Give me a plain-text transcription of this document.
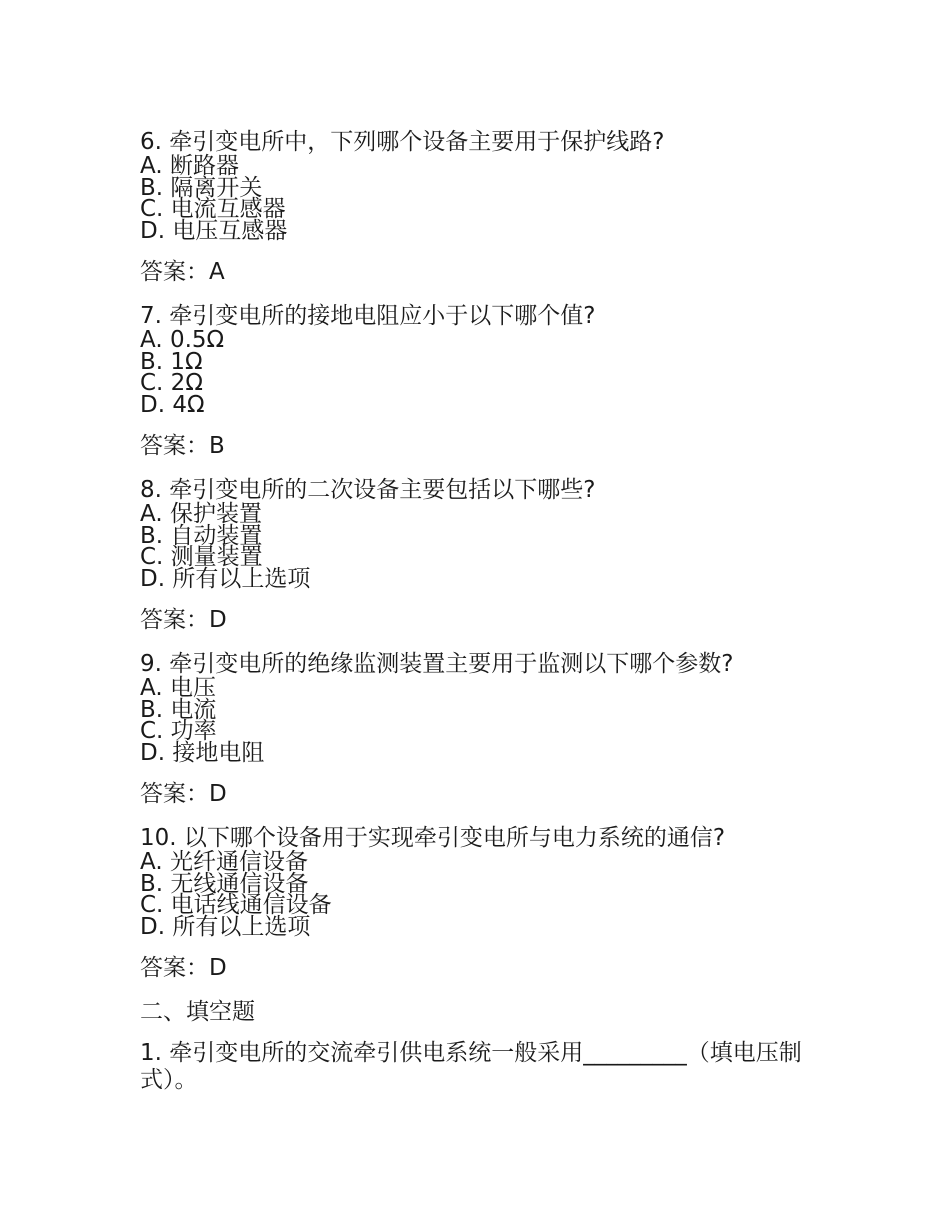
6. 牵引变电所中，下列哪个设备主要用于保护线路?
A. 断路器
B. 隔离开关
C. 电流互感器
D. 电压互感器
答案：A
7. 牵引变电所的接地电阻应小于以下哪个值?
A. 0.5Ω
B. 1Ω
C. 2Ω
D. 4Ω
答案：B
8. 牵引变电所的二次设备主要包括以下哪些?
A. 保护装置
B. 自动装置
C. 测量装置
D. 所有以上选项
答案：D
9. 牵引变电所的绝缘监测装置主要用于监测以下哪个参数?
A. 电压
B. 电流
C. 功率
D. 接地电阻
答案：D
10. 以下哪个设备用于实现牵引变电所与电力系统的通信?
A. 光纤通信设备
B. 无线通信设备
C. 电话线通信设备
D. 所有以上选项
答案：D
二、填空题
1. 牵引变电所的交流牵引供电系统一般采用_________（填电压制式）。
